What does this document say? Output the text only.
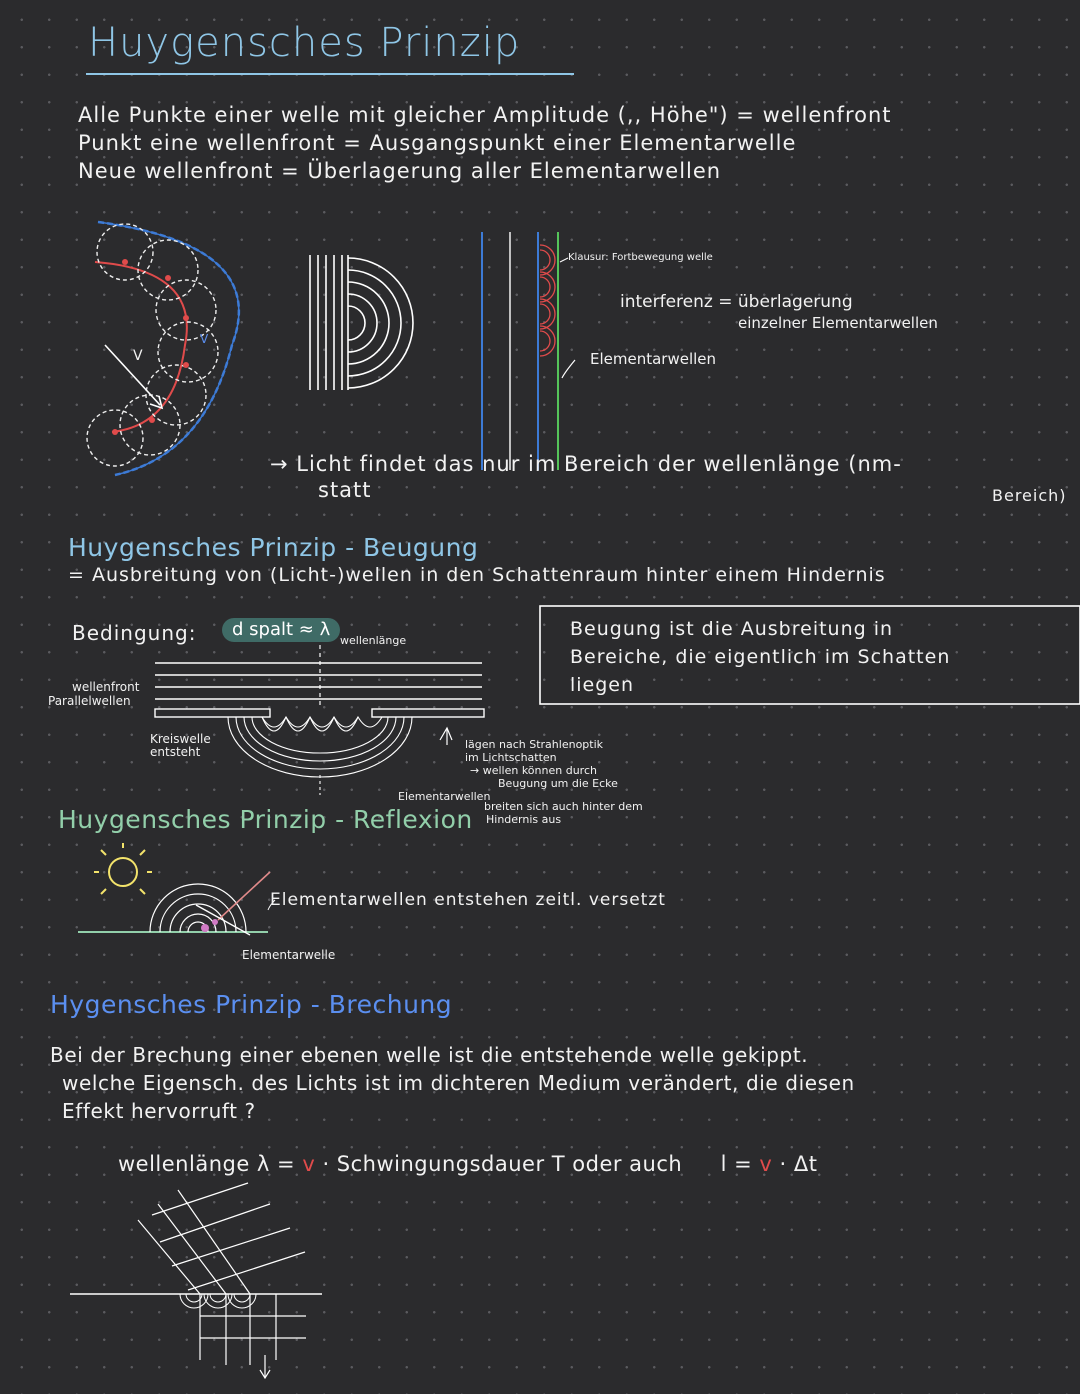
Huygensches Prinzip
Alle Punkte einer welle mit gleicher Amplitude (,, Höhe") = wellenfront
Punkt eine wellenfront = Ausgangspunkt einer Elementarwelle
Neue wellenfront = Überlagerung aller Elementarwellen
V
V
Klausur: Fortbewegung welle
interferenz = überlagerung
einzelner Elementarwellen
Elementarwellen
→ Licht findet das nur im Bereich der wellenlänge (nm-
statt	Bereich)
Huygensches Prinzip - Beugung
= Ausbreitung von (Licht-)wellen in den Schattenraum hinter einem Hindernis
Bedingung:	d spalt ≈ λ
wellenlänge
wellenfront
Parallelwellen
Kreiswelle
entsteht
Beugung ist die Ausbreitung in
Bereiche, die eigentlich im Schatten
liegen
lägen nach Strahlenoptik
im Lichtschatten
→ wellen können durch
Beugung um die Ecke
Elementarwellen
breiten sich auch hinter dem
Hindernis aus
Huygensches Prinzip - Reflexion
Elementarwellen entstehen zeitl. versetzt
Elementarwelle
Hygensches Prinzip - Brechung
Bei der Brechung einer ebenen welle ist die entstehende welle gekippt.
welche Eigensch. des Lichts ist im dichteren Medium verändert, die diesen
Effekt hervorruft ?
wellenlänge λ = v · Schwingungsdauer T oder auch l = v · Δt
